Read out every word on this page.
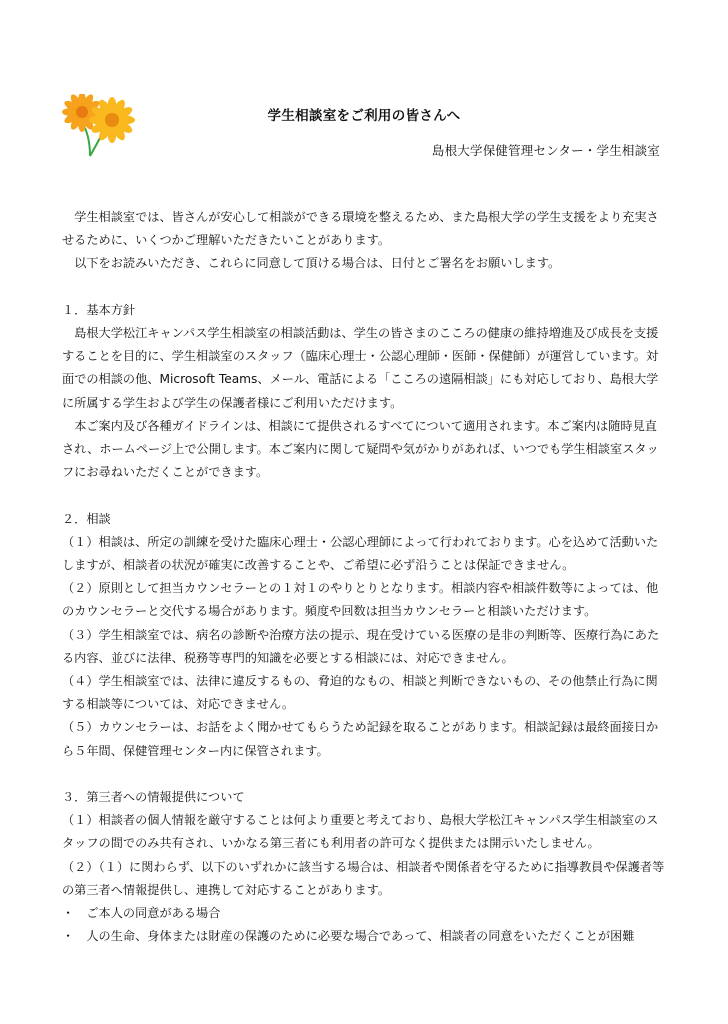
学生相談室をご利用の皆さんへ
島根大学保健管理センター・学生相談室

学生相談室では、皆さんが安心して相談ができる環境を整えるため、また島根大学の学生支援をより充実させるために、いくつかご理解いただきたいことがあります。

以下をお読みいただき、これらに同意して頂ける場合は、日付とご署名をお願いします。

１．基本方針

島根大学松江キャンパス学生相談室の相談活動は、学生の皆さまのこころの健康の維持増進及び成長を支援することを目的に、学生相談室のスタッフ（臨床心理士・公認心理師・医師・保健師）が運営しています。対面での相談の他、Microsoft Teams、メール、電話による「こころの遠隔相談」にも対応しており、島根大学に所属する学生および学生の保護者様にご利用いただけます。

本ご案内及び各種ガイドラインは、相談にて提供されるすべてについて適用されます。本ご案内は随時見直され、ホームページ上で公開します。本ご案内に関して疑問や気がかりがあれば、いつでも学生相談室スタッフにお尋ねいただくことができます。

２．相談

（１）相談は、所定の訓練を受けた臨床心理士・公認心理師によって行われております。心を込めて活動いたしますが、相談者の状況が確実に改善することや、ご希望に必ず沿うことは保証できません。

（２）原則として担当カウンセラーとの１対１のやりとりとなります。相談内容や相談件数等によっては、他のカウンセラーと交代する場合があります。頻度や回数は担当カウンセラーと相談いただけます。

（３）学生相談室では、病名の診断や治療方法の提示、現在受けている医療の是非の判断等、医療行為にあたる内容、並びに法律、税務等専門的知識を必要とする相談には、対応できません。

（４）学生相談室では、法律に違反するもの、脅迫的なもの、相談と判断できないもの、その他禁止行為に関する相談等については、対応できません。

（５）カウンセラーは、お話をよく聞かせてもらうため記録を取ることがあります。相談記録は最終面接日から５年間、保健管理センター内に保管されます。

３．第三者への情報提供について

（１）相談者の個人情報を厳守することは何より重要と考えており、島根大学松江キャンパス学生相談室のスタッフの間でのみ共有され、いかなる第三者にも利用者の許可なく提供または開示いたしません。

（２）（１）に関わらず、以下のいずれかに該当する場合は、相談者や関係者を守るために指導教員や保護者等の第三者へ情報提供し、連携して対応することがあります。

・　ご本人の同意がある場合

・　人の生命、身体または財産の保護のために必要な場合であって、相談者の同意をいただくことが困難
